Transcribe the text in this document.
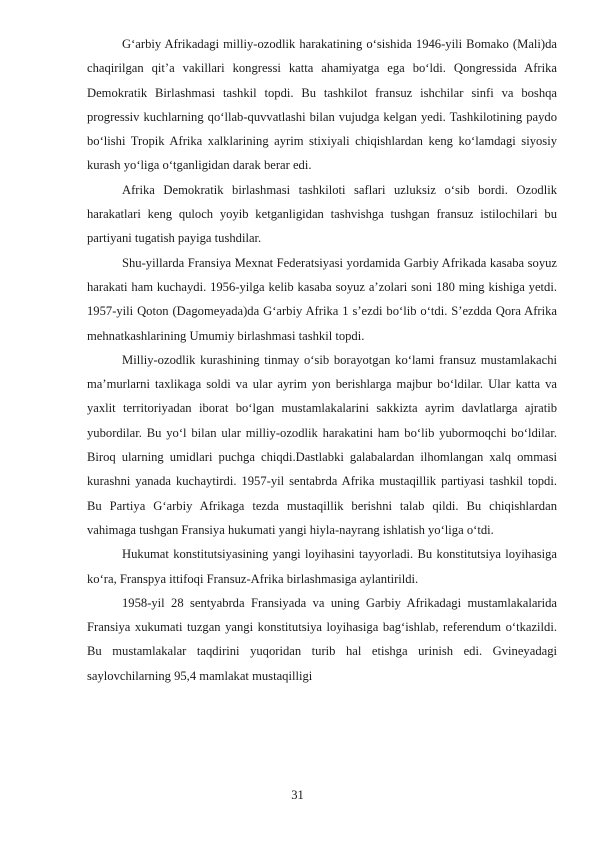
G‘arbiy Afrikadagi milliy-ozodlik harakatining o‘sishida 1946-yili Bomako (Mali)da chaqirilgan qit’a vakillari kongressi katta ahamiyatga ega bo‘ldi. Qongressida Afrika Demokratik Birlashmasi tashkil topdi. Bu tashkilot fransuz ishchilar sinfi va boshqa progressiv kuchlarning qo‘llab-quvvatlashi bilan vujudga kelgan yedi. Tashkilotining paydo bo‘lishi Tropik Afrika xalklarining ayrim stixiyali chiqishlardan keng ko‘lamdagi siyosiy kurash yo‘liga o‘tganligidan darak berar edi.

Afrika Demokratik birlashmasi tashkiloti saflari uzluksiz o‘sib bordi. Ozodlik harakatlari keng quloch yoyib ketganligidan tashvishga tushgan fransuz istilochilari bu partiyani tugatish payiga tushdilar.

Shu-yillarda Fransiya Mexnat Federatsiyasi yordamida Garbiy Afrikada kasaba soyuz harakati ham kuchaydi. 1956-yilga kelib kasaba soyuz a’zolari soni 180 ming kishiga yetdi. 1957-yili Qoton (Dagomeyada)da G‘arbiy Afrika 1 s’ezdi bo‘lib o‘tdi. S’ezdda Qora Afrika mehnatkashlarining Umumiy birlashmasi tashkil topdi.

Milliy-ozodlik kurashining tinmay o‘sib borayotgan ko‘lami fransuz mustamlakachi ma’murlarni taxlikaga soldi va ular ayrim yon berishlarga majbur bo‘ldilar. Ular katta va yaxlit territoriyadan iborat bo‘lgan mustamlakalarini sakkizta ayrim davlatlarga ajratib yubordilar. Bu yo‘l bilan ular milliy-ozodlik harakatini ham bo‘lib yubormoqchi bo‘ldilar. Biroq ularning umidlari puchga chiqdi.Dastlabki galabalardan ilhomlangan xalq ommasi kurashni yanada kuchaytirdi. 1957-yil sentabrda Afrika mustaqillik partiyasi tashkil topdi. Bu Partiya G‘arbiy Afrikaga tezda mustaqillik berishni talab qildi. Bu chiqishlardan vahimaga tushgan Fransiya hukumati yangi hiyla-nayrang ishlatish yo‘liga o‘tdi.

Hukumat konstitutsiyasining yangi loyihasini tayyorladi. Bu konstitutsiya loyihasiga ko‘ra, Franspya ittifoqi Fransuz-Afrika birlashmasiga aylantirildi.

1958-yil 28 sentyabrda Fransiyada va uning Garbiy Afrikadagi mustamlakalarida Fransiya xukumati tuzgan yangi konstitutsiya loyihasiga bag‘ishlab, referendum o‘tkazildi. Bu mustamlakalar taqdirini yuqoridan turib hal etishga urinish edi. Gvineyadagi saylovchilarning 95,4 mamlakat mustaqilligi

31
